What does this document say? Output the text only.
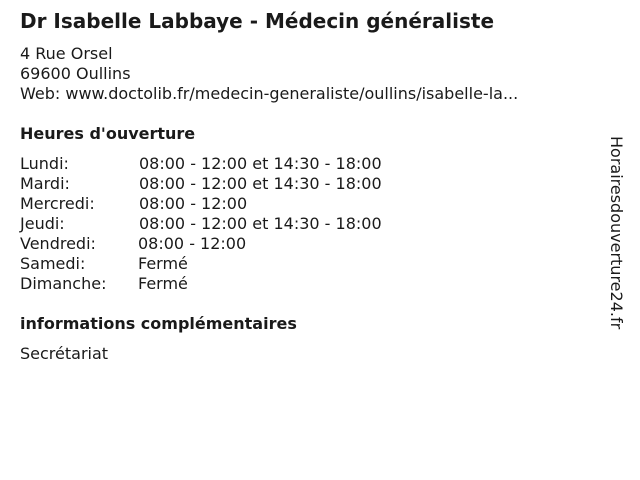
Dr Isabelle Labbaye - Médecin généraliste
4 Rue Orsel
69600 Oullins
Web: www.doctolib.fr/medecin-generaliste/oullins/isabelle-la...
Heures d'ouverture
Lundi:	08:00 - 12:00 et 14:30 - 18:00
Mardi:	08:00 - 12:00 et 14:30 - 18:00
Mercredi:	08:00 - 12:00
Jeudi:	08:00 - 12:00 et 14:30 - 18:00
Vendredi:	08:00 - 12:00
Samedi:	Fermé
Dimanche: Fermé
informations complémentaires
Secrétariat
Horairesdouverture24.fr
